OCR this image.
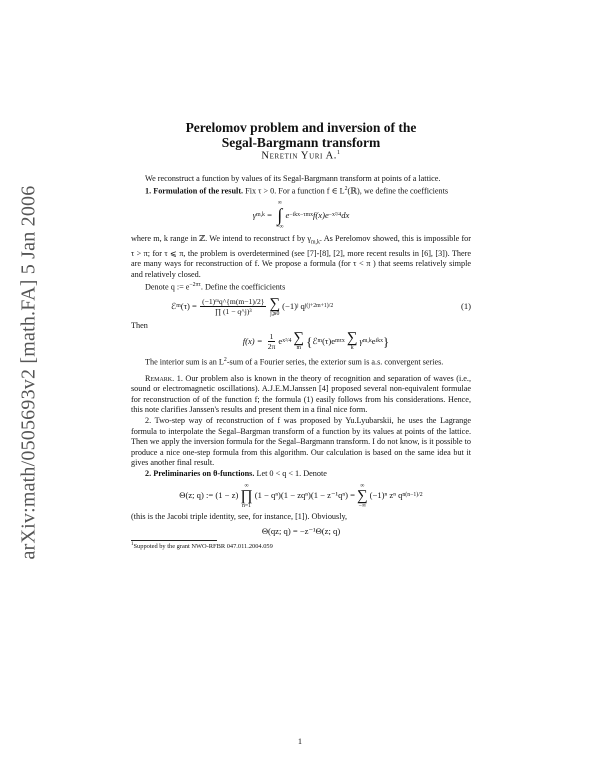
arXiv:math/0505693v2 [math.FA] 5 Jan 2006
Perelomov problem and inversion of the
Segal-Bargmann transform
Neretin Yuri A.$^1$

We reconstruct a function by values of its Segal-Bargmann transform at points of a lattice.

1. Formulation of the result. Fix τ > 0. For a function f ∈ $L^2(ℝ)$, we define the coefficients

γ m,k =
∞
∫
−∞
e −ikx−τmx f(x)e −x²/4 dx

where m, k range in ℤ. We intend to reconstruct f by $\gamma_{m,k}$. As Perelomov showed, this is impossible for τ > π; for τ ⩽ π, the problem is overdetermined (see [7]-[8], [2], more recent results in [6], [3]). There are many ways for reconstruction of f. We propose a formula (for τ < π ) that seems relatively simple and relatively closed.

Denote q := $e^{-2\pi\tau}$. Define the coefficicients

ℰ m (τ) =
$\frac{\text{(−1)ᵐq\textasciicircum{}\{m(m−1)/2\}}}{\text{∏ (1 − q\textasciicircum{}j)³}}$ ∑
j⩾0
(−1)ʲ q j(j+2m+1)/2	(1)

Then

f(x) =
$\frac{1}{2\pi}$ e x²/4 ∑
m { ℰ m (τ)e mτx ∑
k
γ m,k e ikx }

The interior sum is an $L^2$-sum of a Fourier series, the exterior sum is a.s. convergent series.

Remark. 1. Our problem also is known in the theory of recognition and separation of waves (i.e., sound or electromagnetic oscillations). A.J.E.M.Janssen [4] proposed several non-equivalent formulae for reconstruction of of the function f; the formula (1) easily follows from his considerations. Hence, this note clarifies Janssen's results and present them in a final nice form.

2. Two-step way of reconstruction of f was proposed by Yu.Lyubarskii, he uses the Lagrange formula to interpolate the Segal–Bargman transform of a function by its values at points of the lattice. Then we apply the inversion formula for the Segal–Bargmann transform. I do not know, is it possible to produce a nice one-step formula from this algorithm. Our calculation is based on the same idea but it gives another final result.

2. Preliminaries on θ-functions. Let 0 < q < 1. Denote

Θ(z; q) := (1 − z)
∞
∏
n=1
(1 − qⁿ)(1 − zqⁿ)(1 − z⁻¹qⁿ) =
∞
∑
−∞
(−1)ⁿ zⁿ q n(n−1)/2

(this is the Jacobi triple identity, see, for instance, [1]). Obviously,

Θ(qz; q) = −z⁻¹Θ(z; q)
$^1$Suppoted by the grant NWO-RFBR 047.011.2004.059
1
